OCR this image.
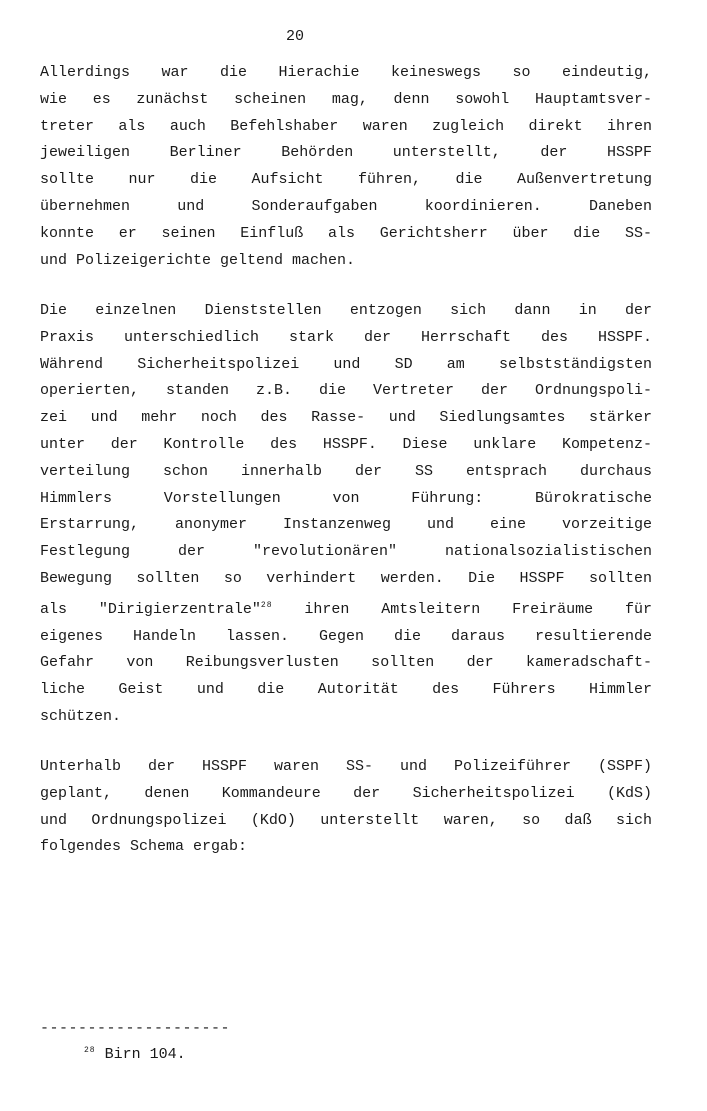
20
Allerdings war die Hierachie keineswegs so eindeutig,
wie es zunächst scheinen mag, denn sowohl Hauptamtsver-
treter als auch Befehlshaber waren zugleich direkt ihren
jeweiligen Berliner Behörden unterstellt, der HSSPF
sollte nur die Aufsicht führen, die Außenvertretung
übernehmen und Sonderaufgaben koordinieren. Daneben
konnte er seinen Einfluß als Gerichtsherr über die SS-
und Polizeigerichte geltend machen.
Die einzelnen Dienststellen entzogen sich dann in der
Praxis unterschiedlich stark der Herrschaft des HSSPF.
Während Sicherheitspolizei und SD am selbstständigsten
operierten, standen z.B. die Vertreter der Ordnungspoli-
zei und mehr noch des Rasse- und Siedlungsamtes stärker
unter der Kontrolle des HSSPF. Diese unklare Kompetenz-
verteilung schon innerhalb der SS entsprach durchaus
Himmlers Vorstellungen von Führung: Bürokratische
Erstarrung, anonymer Instanzenweg und eine vorzeitige
Festlegung der "revolutionären" nationalsozialistischen
Bewegung sollten so verhindert werden. Die HSSPF sollten
als "Dirigierzentrale"$^{28}$ ihren Amtsleitern Freiräume für
eigenes Handeln lassen. Gegen die daraus resultierende
Gefahr von Reibungsverlusten sollten der kameradschaft-
liche Geist und die Autorität des Führers Himmler
schützen.
Unterhalb der HSSPF waren SS- und Polizeiführer (SSPF)
geplant, denen Kommandeure der Sicherheitspolizei (KdS)
und Ordnungspolizei (KdO) unterstellt waren, so daß sich
folgendes Schema ergab:
--------------------
$^{28}$ Birn 104.
